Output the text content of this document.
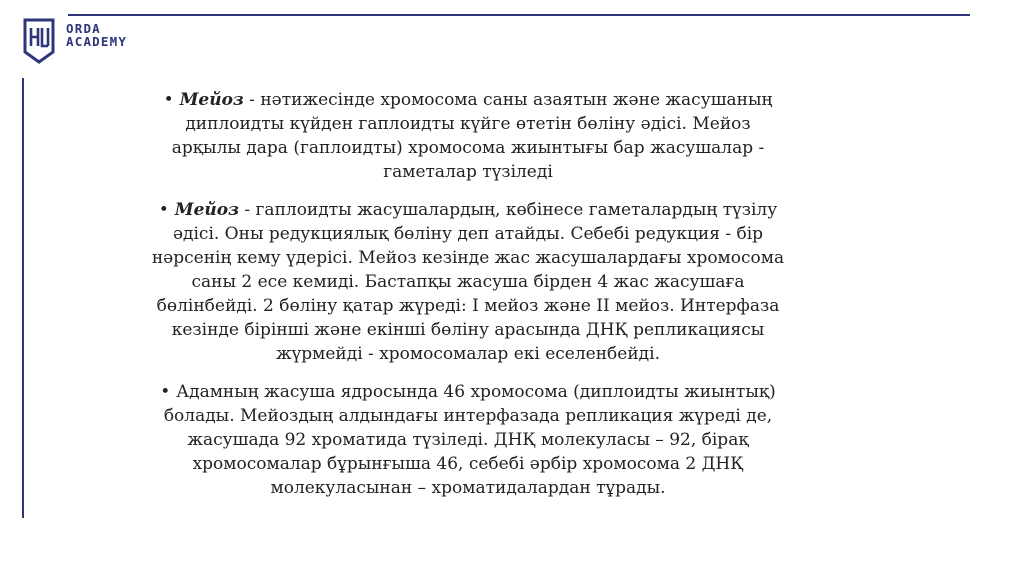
ORDA
ACADEMY

• Мейоз - нәтижесінде хромосома саны азаятын және жасушаның
диплоидты күйден гаплоидты күйге өтетін бөліну әдісі. Мейоз
арқылы дара (гаплоидты) хромосома жиынтығы бар жасушалар -
гаметалар түзіледі

• Мейоз - гаплоидты жасушалардың, көбінесе гаметалардың түзілу
әдісі. Оны редукциялық бөліну деп атайды. Себебі редукция - бір
нәрсенің кему үдерісі. Мейоз кезінде жас жасушалардағы хромосома
саны 2 есе кемиді. Бастапқы жасуша бірден 4 жас жасушаға
бөлінбейді. 2 бөліну қатар жүреді: I мейоз және II мейоз. Интерфаза
кезінде бірінші және екінші бөліну арасында ДНҚ репликациясы
жүрмейді - хромосомалар екі еселенбейді.

• Адамның жасуша ядросында 46 хромосома (диплоидты жиынтық)
болады. Мейоздың алдындағы интерфазада репликация жүреді де,
жасушада 92 хроматида түзіледі. ДНҚ молекуласы – 92, бірақ
хромосомалар бұрынғыша 46, себебі әрбір хромосома 2 ДНҚ
молекуласынан – хроматидалардан тұрады.
